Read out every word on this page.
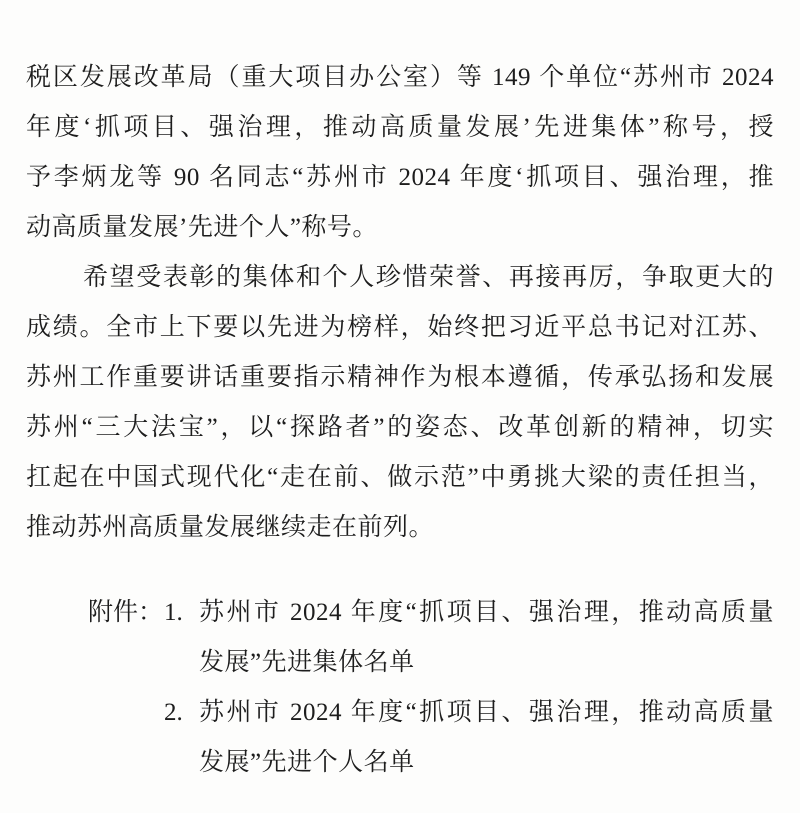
税区发展改革局（重大项目办公室）等 149 个单位“苏州市 2024
年度‘抓项目、强治理，推动高质量发展’先进集体”称号，授
予李炳龙等 90 名同志“苏州市 2024 年度‘抓项目、强治理，推
动高质量发展’先进个人”称号。
希望受表彰的集体和个人珍惜荣誉、再接再厉，争取更大的
成绩。全市上下要以先进为榜样，始终把习近平总书记对江苏、
苏州工作重要讲话重要指示精神作为根本遵循，传承弘扬和发展
苏州“三大法宝”，以“探路者”的姿态、改革创新的精神，切实
扛起在中国式现代化“走在前、做示范”中勇挑大梁的责任担当，
推动苏州高质量发展继续走在前列。
附件： 1. 苏州市 2024 年度“抓项目、强治理，推动高质量
发展”先进集体名单
2. 苏州市 2024 年度“抓项目、强治理，推动高质量
发展”先进个人名单
